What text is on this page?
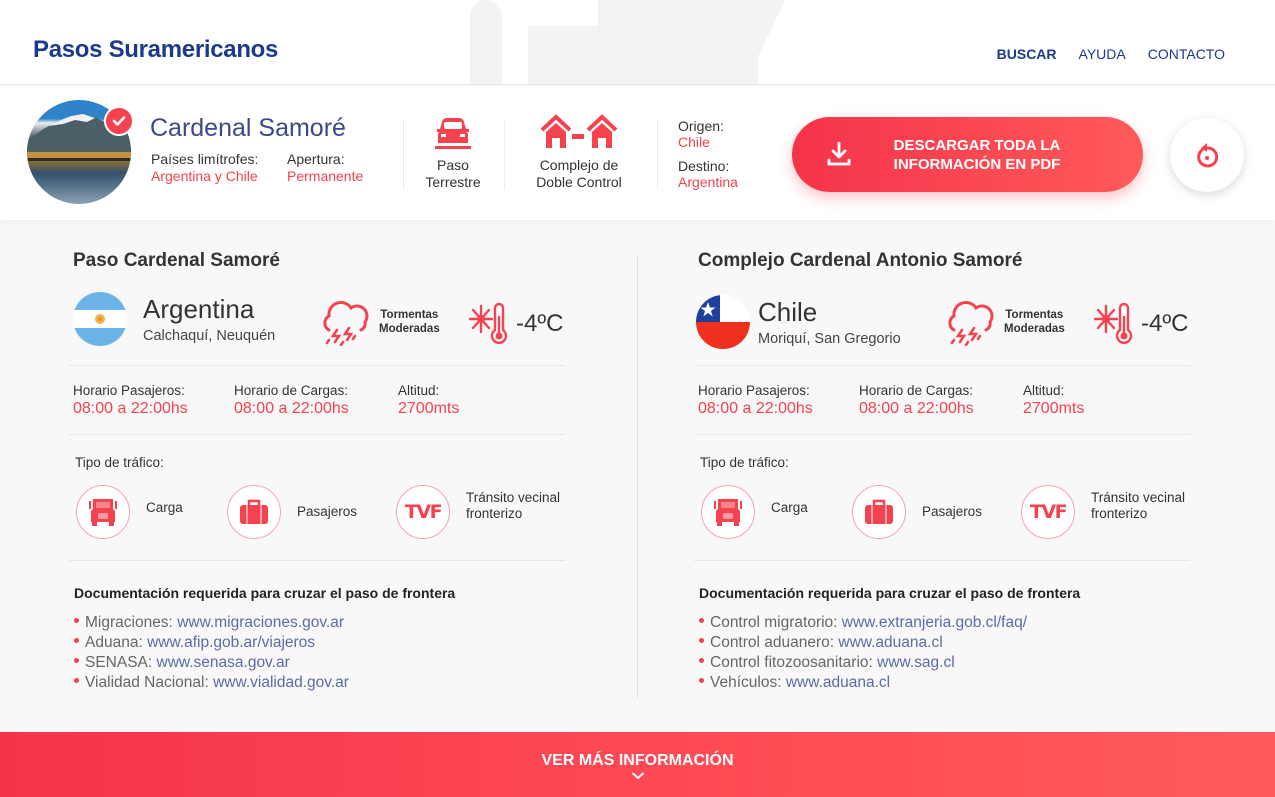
Pasos Suramericanos	BUSCAR AYUDA CONTACTO
Cardenal Samoré
Países limítrofes:
Argentina y Chile
Apertura:
Permanente
Paso
Terrestre
Complejo de
Doble Control
Origen:
Chile
Destino:
Argentina
DESCARGAR TODA LA
INFORMACIÓN EN PDF
Paso Cardenal Samoré
Argentina
Calchaquí, Neuquén
Tormentas
Moderadas	-4ºC
Horario Pasajeros:
08:00 a 22:00hs
Horario de Cargas:
08:00 a 22:00hs
Altitud:
2700mts
Tipo de tráfico:
Carga	Pasajeros	TVF
Tránsito vecinal
fronterizo
Documentación requerida para cruzar el paso de frontera
Migraciones: www.migraciones.gov.ar
Aduana: www.afip.gob.ar/viajeros
SENASA: www.senasa.gov.ar
Vialidad Nacional: www.vialidad.gov.ar
Complejo Cardenal Antonio Samoré
Chile
Moriquí, San Gregorio
Tormentas
Moderadas	-4ºC
Horario Pasajeros:
08:00 a 22:00hs
Horario de Cargas:
08:00 a 22:00hs
Altitud:
2700mts
Tipo de tráfico:
Carga	Pasajeros	TVF
Tránsito vecinal
fronterizo
Documentación requerida para cruzar el paso de frontera
Control migratorio: www.extranjeria.gob.cl/faq/
Control aduanero: www.aduana.cl
Control fitozoosanitario: www.sag.cl
Vehículos: www.aduana.cl
VER MÁS INFORMACIÓN
